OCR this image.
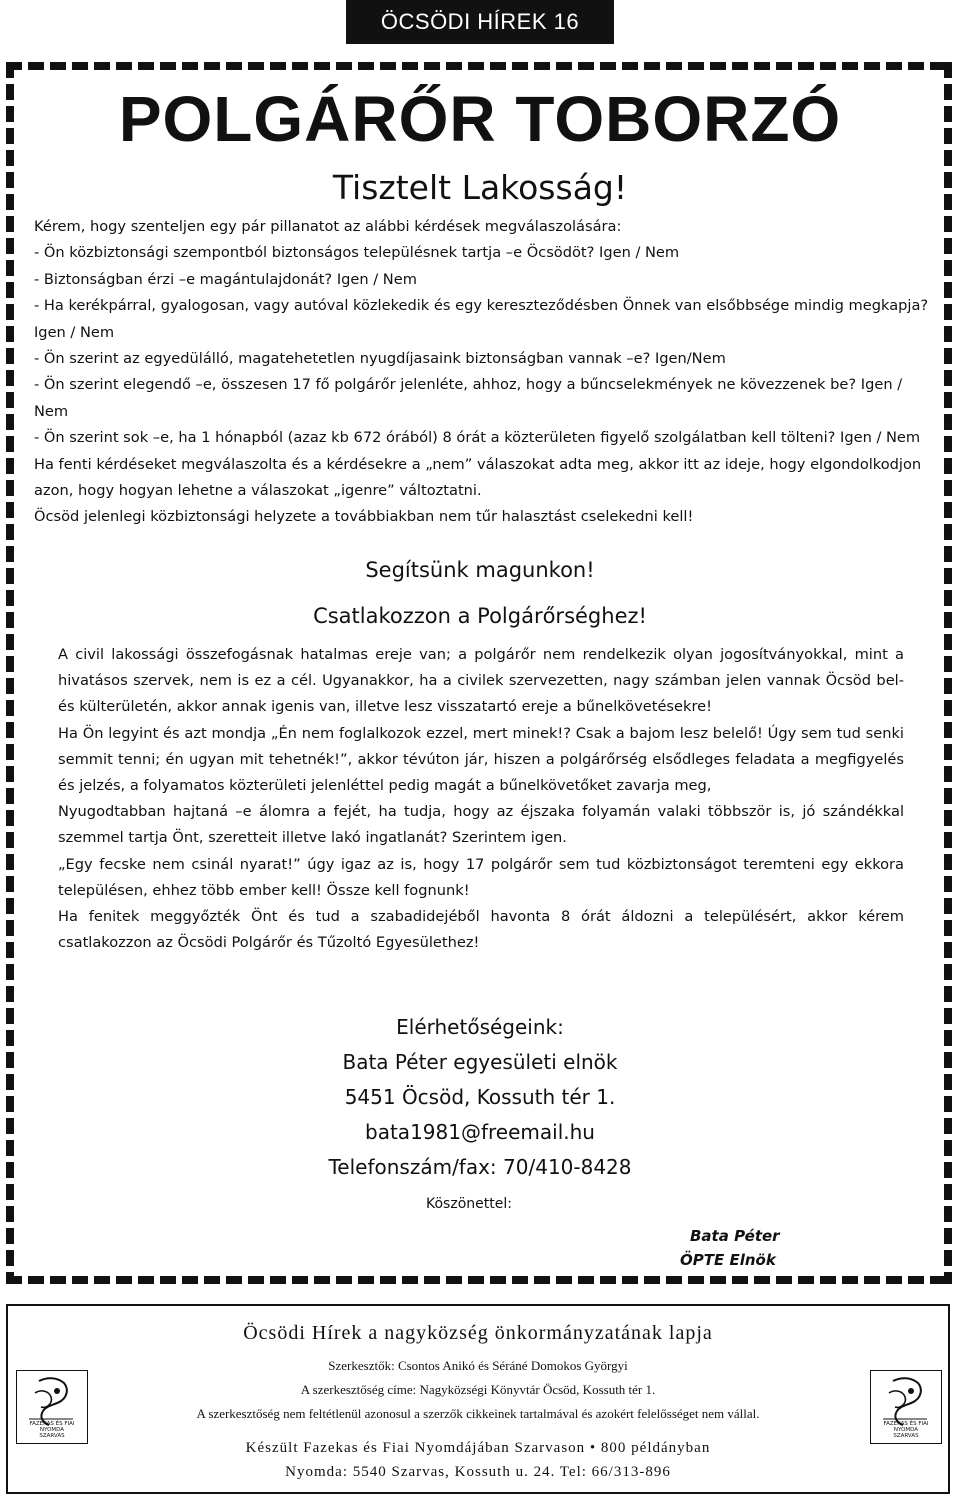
ÖCSÖDI HÍREK 16
POLGÁRŐR TOBORZÓ
Tisztelt Lakosság!

Kérem, hogy szenteljen egy pár pillanatot az alábbi kérdések megválaszolására:

- Ön közbiztonsági szempontból biztonságos településnek tartja –e Öcsödöt? Igen / Nem

- Biztonságban érzi –e magántulajdonát? Igen / Nem

- Ha kerékpárral, gyalogosan, vagy autóval közlekedik és egy kereszteződésben Önnek van elsőbbsége mindig megkapja? Igen / Nem

- Ön szerint az egyedülálló, magatehetetlen nyugdíjasaink biztonságban vannak –e? Igen/Nem

- Ön szerint elegendő –e, összesen 17 fő polgárőr jelenléte, ahhoz, hogy a bűncselekmények ne kövezzenek be? Igen / Nem

- Ön szerint sok –e, ha 1 hónapból (azaz kb 672 órából) 8 órát a közterületen figyelő szolgálatban kell tölteni? Igen / Nem

Ha fenti kérdéseket megválaszolta és a kérdésekre a „nem” válaszokat adta meg, akkor itt az ideje, hogy elgondolkodjon azon, hogy hogyan lehetne a válaszokat „igenre” változtatni.

Öcsöd jelenlegi közbiztonsági helyzete a továbbiakban nem tűr halasztást cselekedni kell!

Segítsünk magunkon!
Csatlakozzon a Polgárőrséghez!

A civil lakossági összefogásnak hatalmas ereje van; a polgárőr nem rendelkezik olyan jogosítványokkal, mint a hivatásos szervek, nem is ez a cél. Ugyanakkor, ha a civilek szervezetten, nagy számban jelen vannak Öcsöd bel- és külterületén, akkor annak igenis van, illetve lesz visszatartó ereje a bűnelkövetésekre!

Ha Ön legyint és azt mondja „Én nem foglalkozok ezzel, mert minek!? Csak a bajom lesz belelő! Úgy sem tud senki semmit tenni; én ugyan mit tehetnék!”, akkor tévúton jár, hiszen a polgárőrség elsődleges feladata a megfigyelés és jelzés, a folyamatos közterületi jelenléttel pedig magát a bűnelkövetőket zavarja meg,

Nyugodtabban hajtaná –e álomra a fejét, ha tudja, hogy az éjszaka folyamán valaki többször is, jó szándékkal szemmel tartja Önt, szeretteit illetve lakó ingatlanát? Szerintem igen.

„Egy fecske nem csinál nyarat!” úgy igaz az is, hogy 17 polgárőr sem tud közbiztonságot teremteni egy ekkora településen, ehhez több ember kell! Össze kell fognunk!

Ha fenitek meggyőzték Önt és tud a szabadidejéből havonta 8 órát áldozni a településért, akkor kérem csatlakozzon az Öcsödi Polgárőr és Tűzoltó Egyesülethez!

Elérhetőségeink:
Bata Péter egyesületi elnök
5451 Öcsöd, Kossuth tér 1.
bata1981@freemail.hu
Telefonszám/fax: 70/410-8428
Köszönettel:
Bata Péter
ÖPTE Elnök
Öcsödi Hírek a nagyközség önkormányzatának lapja
Szerkesztők: Csontos Anikó és Séráné Domokos Györgyi
A szerkesztőség címe: Nagyközségi Könyvtár Öcsöd, Kossuth tér 1.
A szerkesztőség nem feltétlenül azonosul a szerzők cikkeinek tartalmával és azokért felelősséget nem vállal.
Készült Fazekas és Fiai Nyomdájában Szarvason • 800 példányban
Nyomda: 5540 Szarvas, Kossuth u. 24. Tel: 66/313-896
FAZEKAS ÉS FIAI NYOMDA
SZARVAS
FAZEKAS ÉS FIAI NYOMDA
SZARVAS
